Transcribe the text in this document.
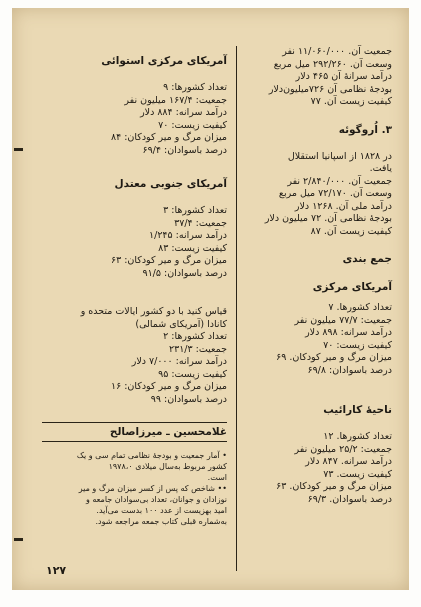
جمعیت آن. ۱۱/۰۶۰/۰۰۰ نفر
وسعت آن. ۲۹۲/۲۶۰ میل مربع
درآمد سرانهٔ آن ۴۶۵ دلار
بودجهٔ نظامی آن ۷۲۶میلیون‌دلار
کیفیت زیست آن. ۷۷
۳. اُروگوئه
در ۱۸۲۸ از اسپانیا استقلال
یافت.
جمعیت آن. ۲/۸۴۰/۰۰۰ نفر
وسعت آن. ۷۲/۱۷۰ میل مربع
درآمد ملی آن. ۱۲۶۸ دلار
بودجهٔ نظامی آن. ۷۲ میلیون دلار
کیفیت زیست آن. ۸۷
جمع بندی
آمریکای مرکزی
تعداد کشورها. ۷
جمعیت: ۷۷/۷ میلیون نفر
درآمد سرانه: ۸۹۸ دلار
کیفیت زیست: ۷۰
میزان مرگ و میر کودکان. ۶۹
درصد باسوادان: ۶۹/۸
ناحیهٔ کارائیب
تعداد کشورها. ۱۲
جمعیت: ۲۵/۲ میلیون نفر
درآمد سرانه. ۸۴۷ دلار
کیفیت زیست. ۷۳
میزان مرگ و میر کودکان. ۶۳
درصد باسوادان. ۶۹/۳
آمریکای مرکزی استوائی
تعداد کشورها: ۹
جمعیت: ۱۶۷/۴ میلیون نفر
درآمد سرانه: ۸۸۴ دلار
کیفیت زیست: ۷۰
میزان مرگ و میر کودکان: ۸۴
درصد باسوادان: ۶۹/۴
آمریکای جنوبی معتدل
تعداد کشورها: ۳
جمعیت: ۳۷/۴
درآمد سرانه: ۱/۲۴۵
کیفیت زیست: ۸۳
میزان مرگ و میر کودکان: ۶۳
درصد باسوادان: ۹۱/۵
قیاس کنید با دو کشور ایالات متحده و
کانادا (آمریکای شمالی)
تعداد کشورها: ۲
جمعیت: ۲۳۱/۳
درآمد سرانه: ۷/۰۰۰ دلار
کیفیت زیست: ۹۵
میزان مرگ و میر کودکان: ۱۶
درصد باسوادان: ۹۹
غلامحسین ـ میرزاصالح
• آمار جمعیت و بودجهٔ نظامی تمام سی و یک
کشور مربوط به‌سال میلادی ۱۹۷۸،۰
است.
•• شاخص که پس از کسر میزان مرگ و میر
نوزادان و جوانان، تعداد بی‌سوادان جامعه و
امید بهزیست از عدد ۱۰۰ بدست می‌آید.
به‌شماره قبلی کتاب جمعه مراجعه شود.
۱۲۷
